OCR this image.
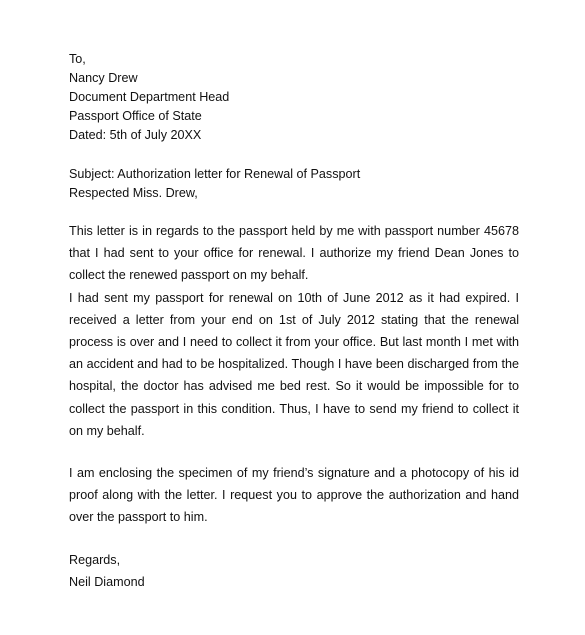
To,
Nancy Drew
Document Department Head
Passport Office of State
Dated: 5th of July 20XX
Subject: Authorization letter for Renewal of Passport
Respected Miss. Drew,
This letter is in regards to the passport held by me with passport number 45678 that I had sent to your office for renewal. I authorize my friend Dean Jones to collect the renewed passport on my behalf.
I had sent my passport for renewal on 10th of June 2012 as it had expired. I received a letter from your end on 1st of July 2012 stating that the renewal process is over and I need to collect it from your office. But last month I met with an accident and had to be hospitalized. Though I have been discharged from the hospital, the doctor has advised me bed rest. So it would be impossible for to collect the passport in this condition. Thus, I have to send my friend to collect it on my behalf.
I am enclosing the specimen of my friend’s signature and a photocopy of his id proof along with the letter. I request you to approve the authorization and hand over the passport to him.
Regards,
Neil Diamond
